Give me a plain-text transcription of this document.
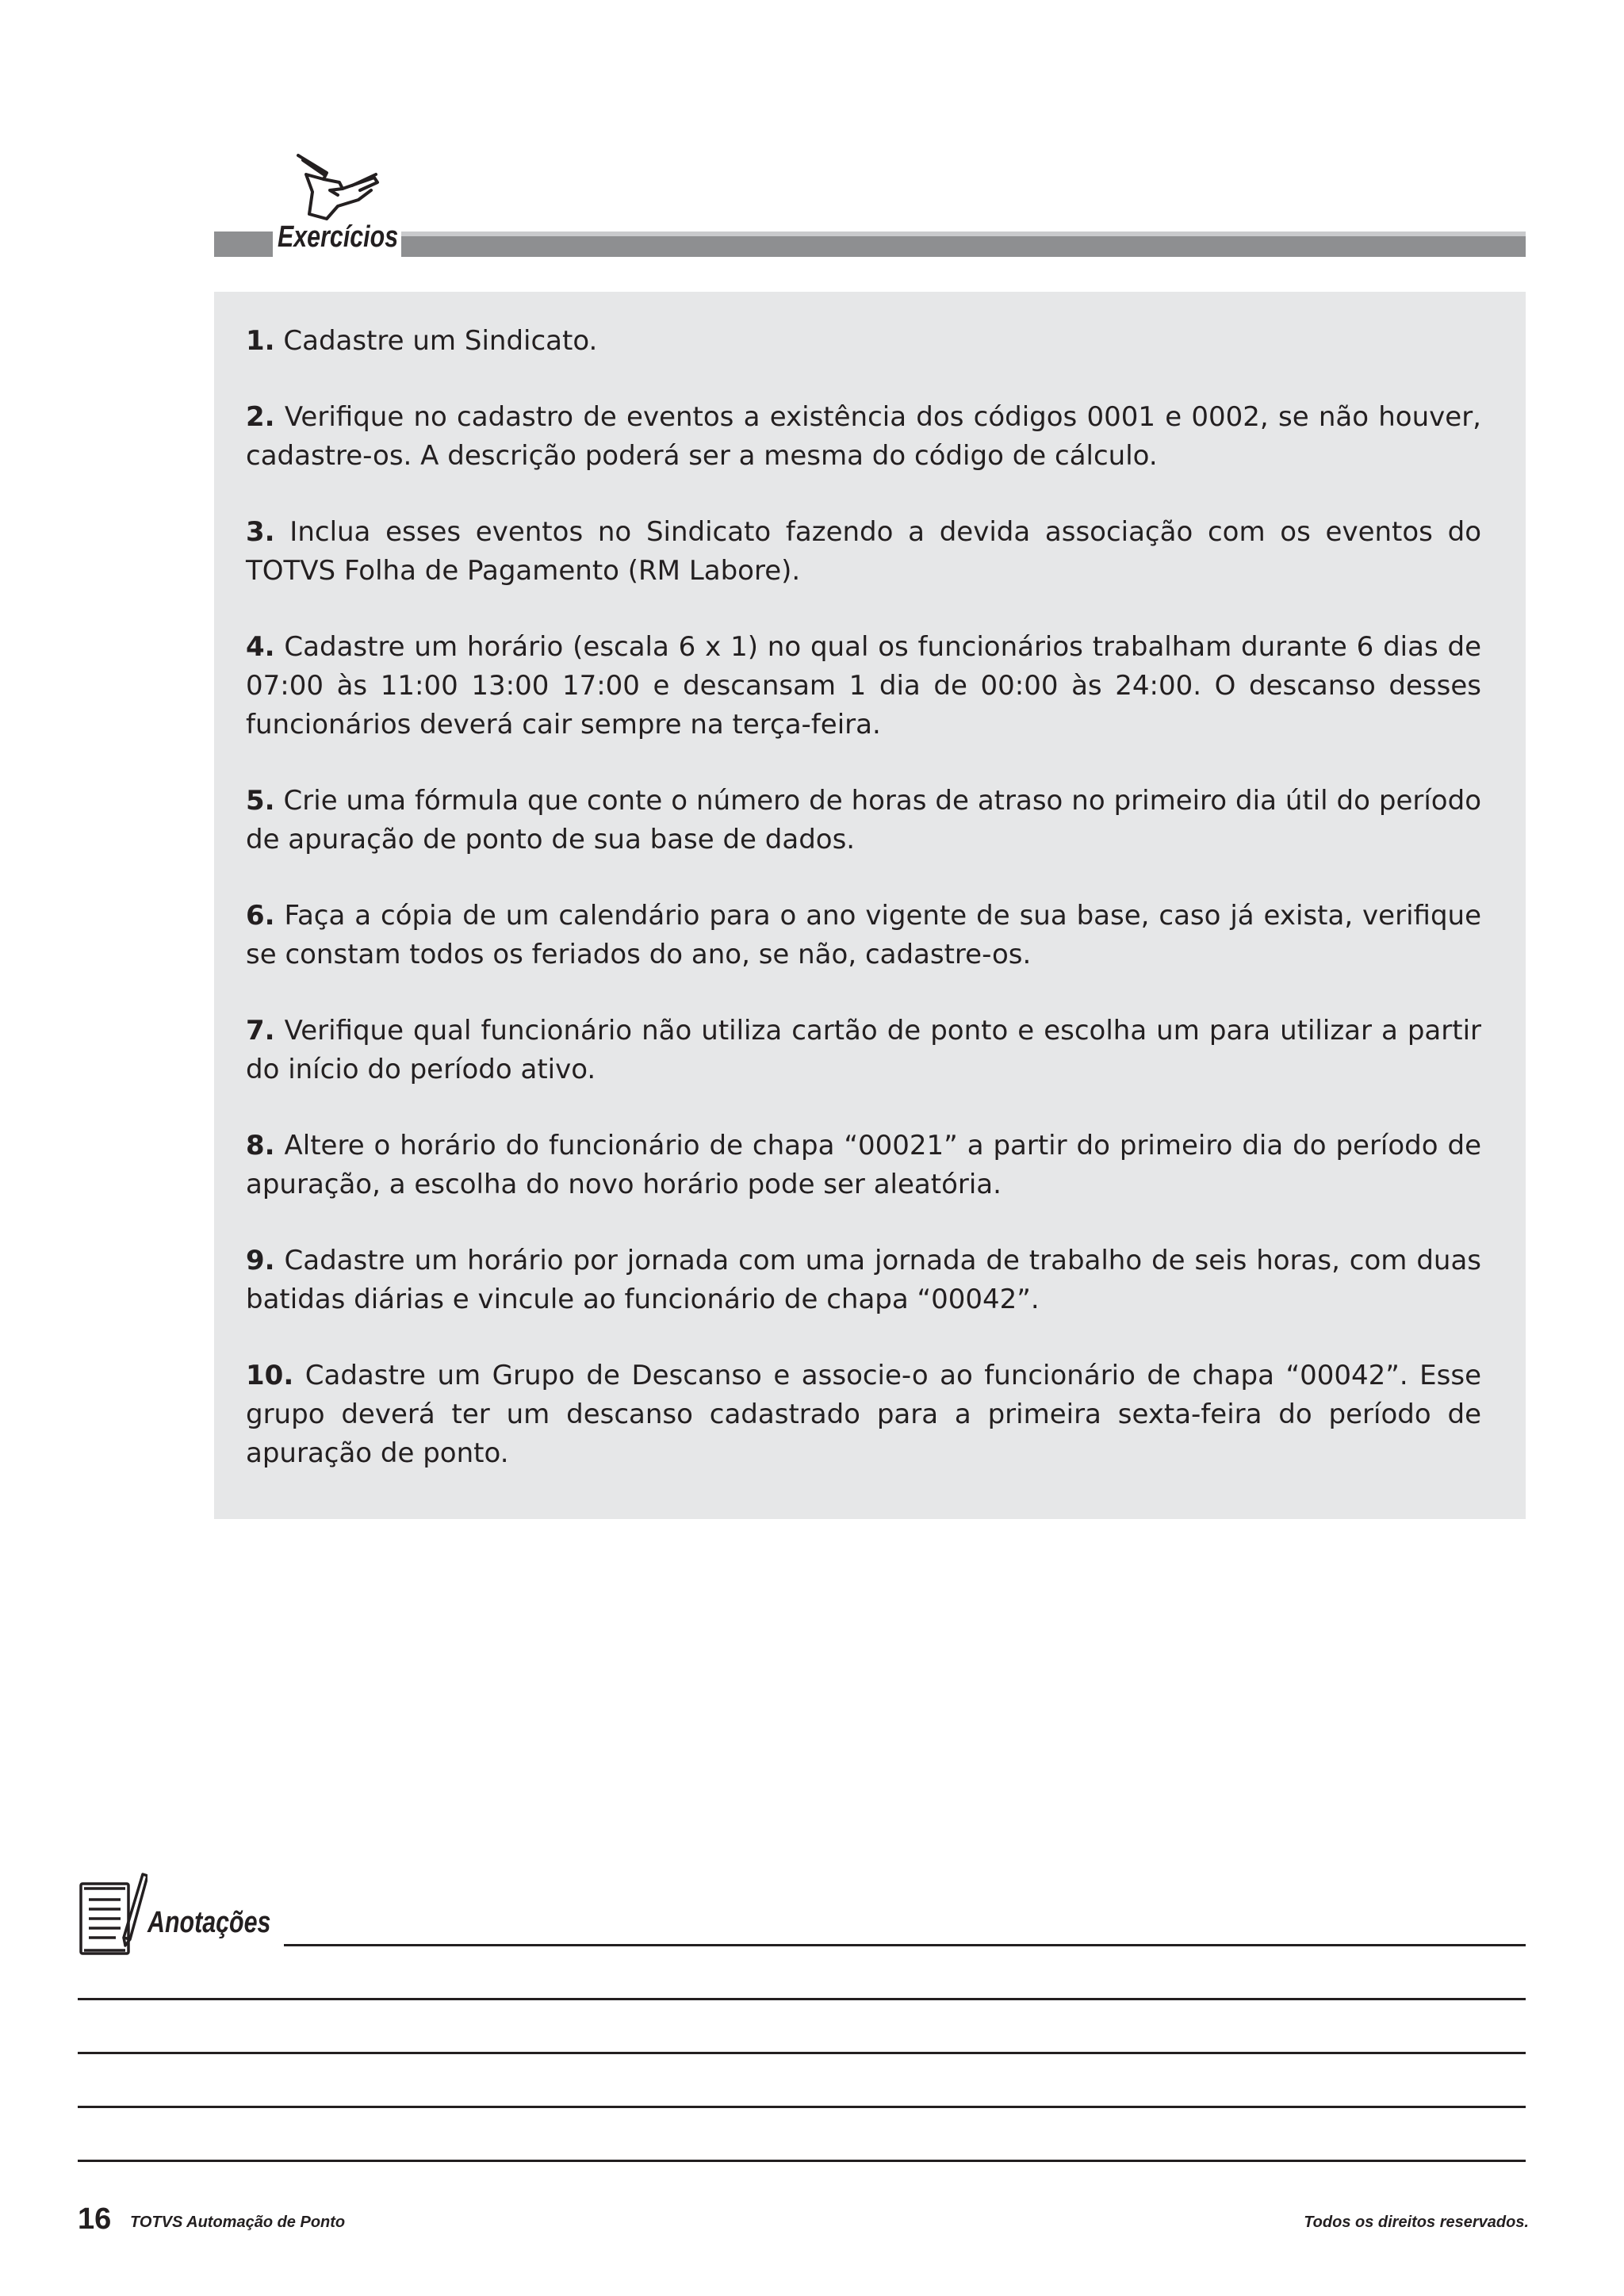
Exercícios

1. Cadastre um Sindicato.

2. Verifique no cadastro de eventos a existência dos códigos 0001 e 0002, se não houver, cadastre-os. A descrição poderá ser a mesma do código de cálculo.

3. Inclua esses eventos no Sindicato fazendo a devida associação com os eventos do TOTVS Folha de Pagamento (RM Labore).

4. Cadastre um horário (escala 6 x 1) no qual os funcionários trabalham durante 6 dias de 07:00 às 11:00 13:00 17:00 e descansam 1 dia de 00:00 às 24:00. O descanso desses funcionários deverá cair sempre na terça-feira.

5. Crie uma fórmula que conte o número de horas de atraso no primeiro dia útil do período de apuração de ponto de sua base de dados.

6. Faça a cópia de um calendário para o ano vigente de sua base, caso já exista, verifique se constam todos os feriados do ano, se não, cadastre-os.

7. Verifique qual funcionário não utiliza cartão de ponto e escolha um para utilizar a partir do início do período ativo.

8. Altere o horário do funcionário de chapa “00021” a partir do primeiro dia do período de apuração, a escolha do novo horário pode ser aleatória.

9. Cadastre um horário por jornada com uma jornada de trabalho de seis horas, com duas batidas diárias e vincule ao funcionário de chapa “00042”.

10. Cadastre um Grupo de Descanso e associe-o ao funcionário de chapa “00042”. Esse grupo deverá ter um descanso cadastrado para a primeira sexta-feira do período de apuração de ponto.

Anotações
16 TOTVS Automação de Ponto	Todos os direitos reservados.
